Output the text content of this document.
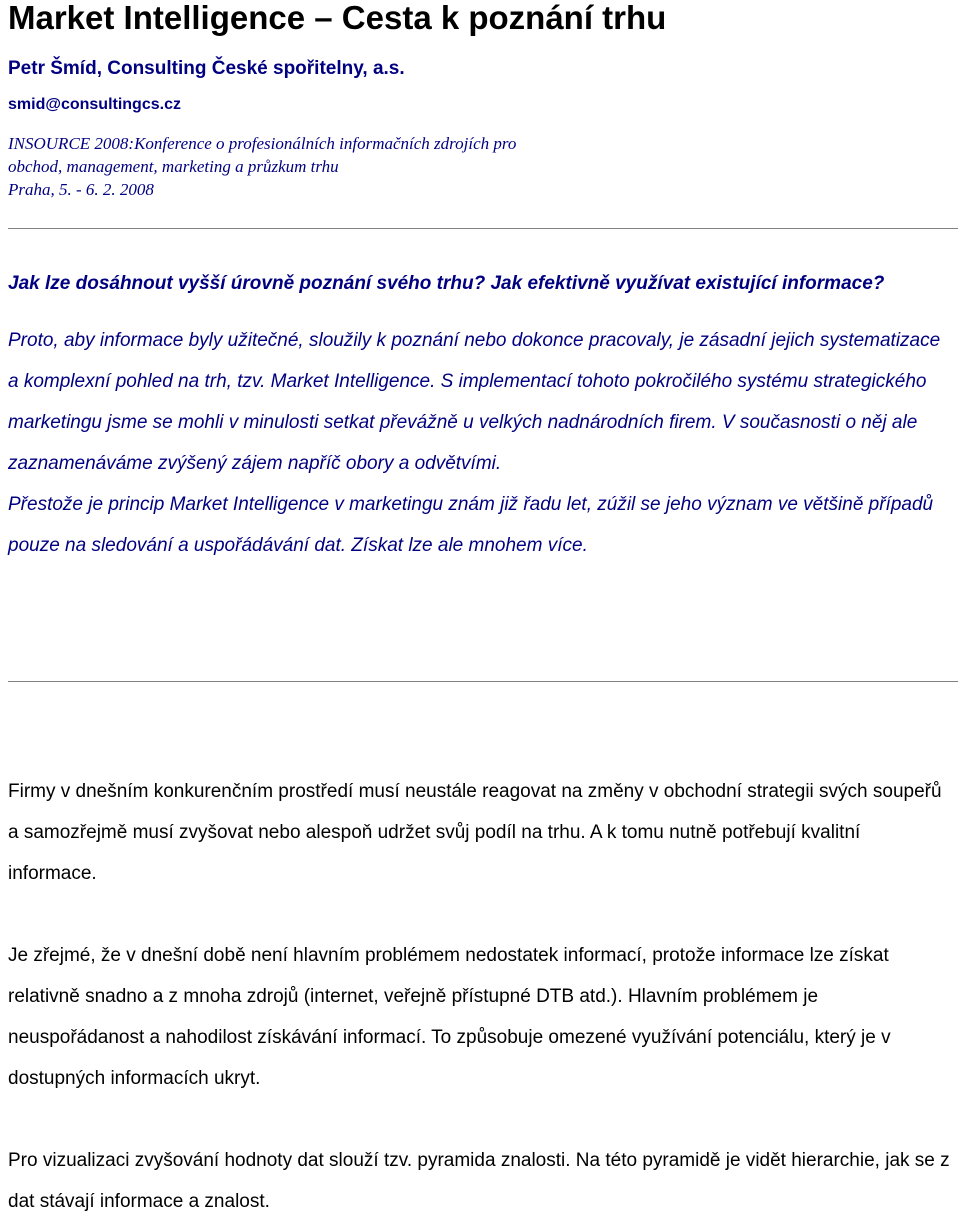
Market Intelligence – Cesta k poznání trhu
Petr Šmíd, Consulting České spořitelny, a.s.
smid@consultingcs.cz
INSOURCE 2008:Konference o profesionálních informačních zdrojích pro
obchod, management, marketing a průzkum trhu
Praha, 5. - 6. 2. 2008
Jak lze dosáhnout vyšší úrovně poznání svého trhu? Jak efektivně využívat existující informace?

Proto, aby informace byly užitečné, sloužily k poznání nebo dokonce pracovaly, je zásadní jejich systematizace a komplexní pohled na trh, tzv. Market Intelligence. S implementací tohoto pokročilého systému strategického marketingu jsme se mohli v minulosti setkat převážně u velkých nadnárodních firem. V současnosti o něj ale zaznamenáváme zvýšený zájem napříč obory a odvětvími.

Přestože je princip Market Intelligence v marketingu znám již řadu let, zúžil se jeho význam ve většině případů pouze na sledování a uspořádávání dat. Získat lze ale mnohem více.

Firmy v dnešním konkurenčním prostředí musí neustále reagovat na změny v obchodní strategii svých soupeřů a samozřejmě musí zvyšovat nebo alespoň udržet svůj podíl na trhu. A k tomu nutně potřebují kvalitní informace.

Je zřejmé, že v dnešní době není hlavním problémem nedostatek informací, protože informace lze získat relativně snadno a z mnoha zdrojů (internet, veřejně přístupné DTB atd.). Hlavním problémem je neuspořádanost a nahodilost získávání informací. To způsobuje omezené využívání potenciálu, který je v dostupných informacích ukryt.

Pro vizualizaci zvyšování hodnoty dat slouží tzv. pyramida znalosti. Na této pyramidě je vidět hierarchie, jak se z dat stávají informace a znalost.
